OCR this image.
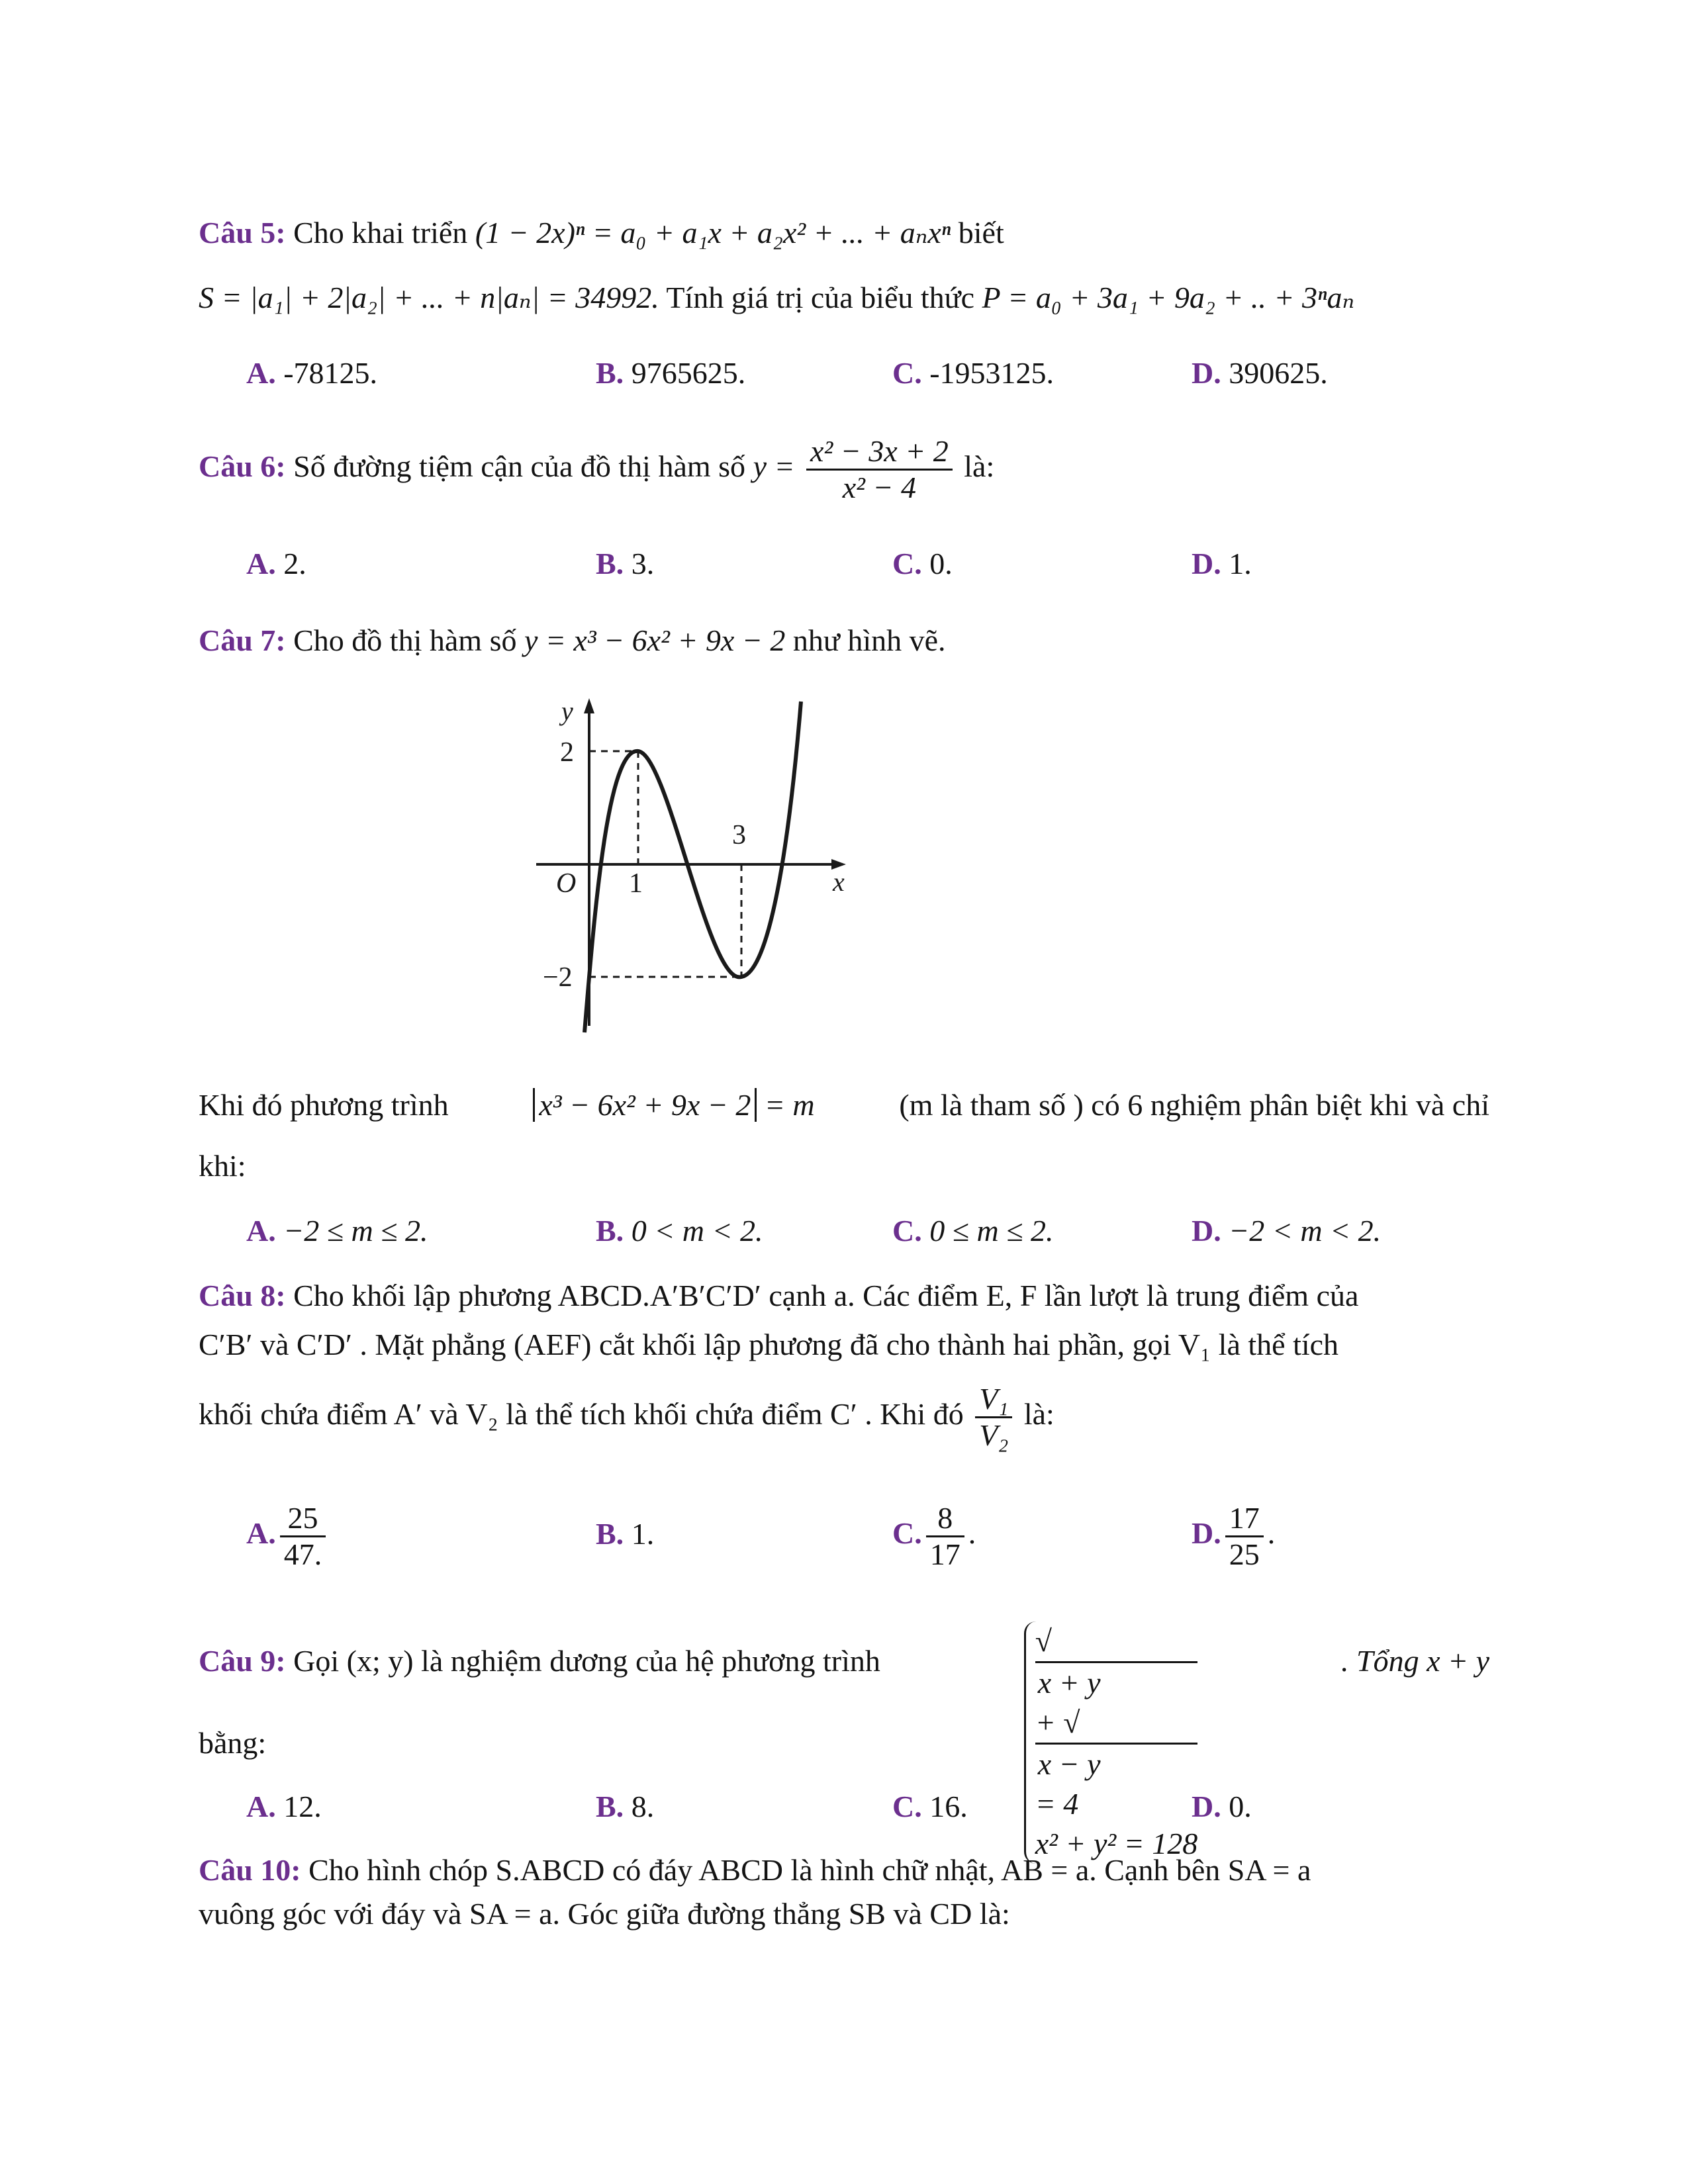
Câu 5: Cho khai triển (1 − 2x)ⁿ = a₀ + a₁x + a₂x² + ... + aₙxⁿ biết
S = |a₁| + 2|a₂| + ... + n|aₙ| = 34992. Tính giá trị của biểu thức P = a₀ + 3a₁ + 9a₂ + .. + 3ⁿaₙ
A. -78125.	B. 9765625.	C. -1953125.	D. 390625.
Câu 6: Số đường tiệm cận của đồ thị hàm số $y = \frac{\text{x² − 3x + 2}}{\text{x² − 4}}$ là:
A. 2.	B. 3.	C. 0.	D. 1.
Câu 7: Cho đồ thị hàm số y = x³ − 6x² + 9x − 2 như hình vẽ.
y
x
O
2
−2
1
3
Khi đó phương trình	x³ − 6x² + 9x − 2 = m	(m là tham số ) có 6 nghiệm phân biệt khi và chỉ
khi:
A. −2 ≤ m ≤ 2.	B. 0 < m < 2.	C. 0 ≤ m ≤ 2.	D. −2 < m < 2.
Câu 8: Cho khối lập phương ABCD.A′B′C′D′ cạnh a. Các điểm E, F lần lượt là trung điểm của
C′B′ và C′D′ . Mặt phẳng (AEF) cắt khối lập phương đã cho thành hai phần, gọi V₁ là thể tích
khối chứa điểm A′ và V₂ là thể tích khối chứa điểm C′ . Khi đó $\frac{\text{V₁}}{\text{V₂}}$ là:
A. $\frac{25}{47.}$	B. 1.	C. $\frac{8}{17}$ .	D. $\frac{17}{25}$ .
Câu 9: Gọi (x; y) là nghiệm dương của hệ phương trình
√
x + y
+ √
x − y
= 4
x² + y² = 128
. Tổng x + y
bằng:
A. 12.	B. 8.	C. 16.	D. 0.
Câu 10: Cho hình chóp S.ABCD có đáy ABCD là hình chữ nhật, AB = a. Cạnh bên SA = a
vuông góc với đáy và SA = a. Góc giữa đường thẳng SB và CD là:
